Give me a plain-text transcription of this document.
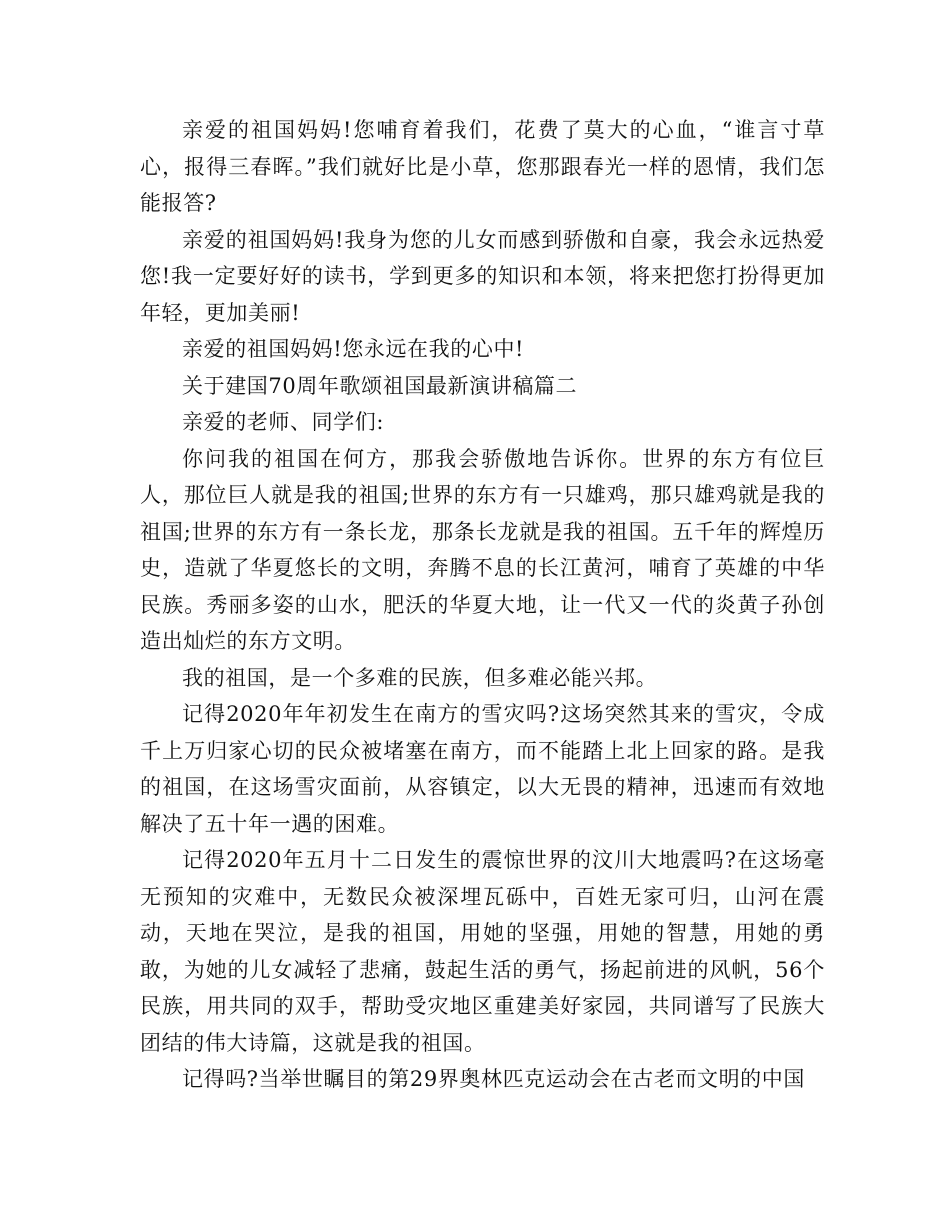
亲爱的祖国妈妈!您哺育着我们，花费了莫大的心血，“谁言寸草心，报得三春晖。”我们就好比是小草，您那跟春光一样的恩情，我们怎能报答?

亲爱的祖国妈妈!我身为您的儿女而感到骄傲和自豪，我会永远热爱您!我一定要好好的读书，学到更多的知识和本领，将来把您打扮得更加年轻，更加美丽!

亲爱的祖国妈妈!您永远在我的心中!

关于建国70周年歌颂祖国最新演讲稿篇二

亲爱的老师、同学们:

你问我的祖国在何方，那我会骄傲地告诉你。世界的东方有位巨人，那位巨人就是我的祖国;世界的东方有一只雄鸡，那只雄鸡就是我的祖国;世界的东方有一条长龙，那条长龙就是我的祖国。五千年的辉煌历史，造就了华夏悠长的文明，奔腾不息的长江黄河，哺育了英雄的中华民族。秀丽多姿的山水，肥沃的华夏大地，让一代又一代的炎黄子孙创造出灿烂的东方文明。

我的祖国，是一个多难的民族，但多难必能兴邦。

记得2020年年初发生在南方的雪灾吗?这场突然其来的雪灾，令成千上万归家心切的民众被堵塞在南方，而不能踏上北上回家的路。是我的祖国，在这场雪灾面前，从容镇定，以大无畏的精神，迅速而有效地解决了五十年一遇的困难。

记得2020年五月十二日发生的震惊世界的汶川大地震吗?在这场毫无预知的灾难中，无数民众被深埋瓦砾中，百姓无家可归，山河在震动，天地在哭泣，是我的祖国，用她的坚强，用她的智慧，用她的勇敢，为她的儿女减轻了悲痛，鼓起生活的勇气，扬起前进的风帆，56个民族，用共同的双手，帮助受灾地区重建美好家园，共同谱写了民族大团结的伟大诗篇，这就是我的祖国。

记得吗?当举世瞩目的第29界奥林匹克运动会在古老而文明的中国
